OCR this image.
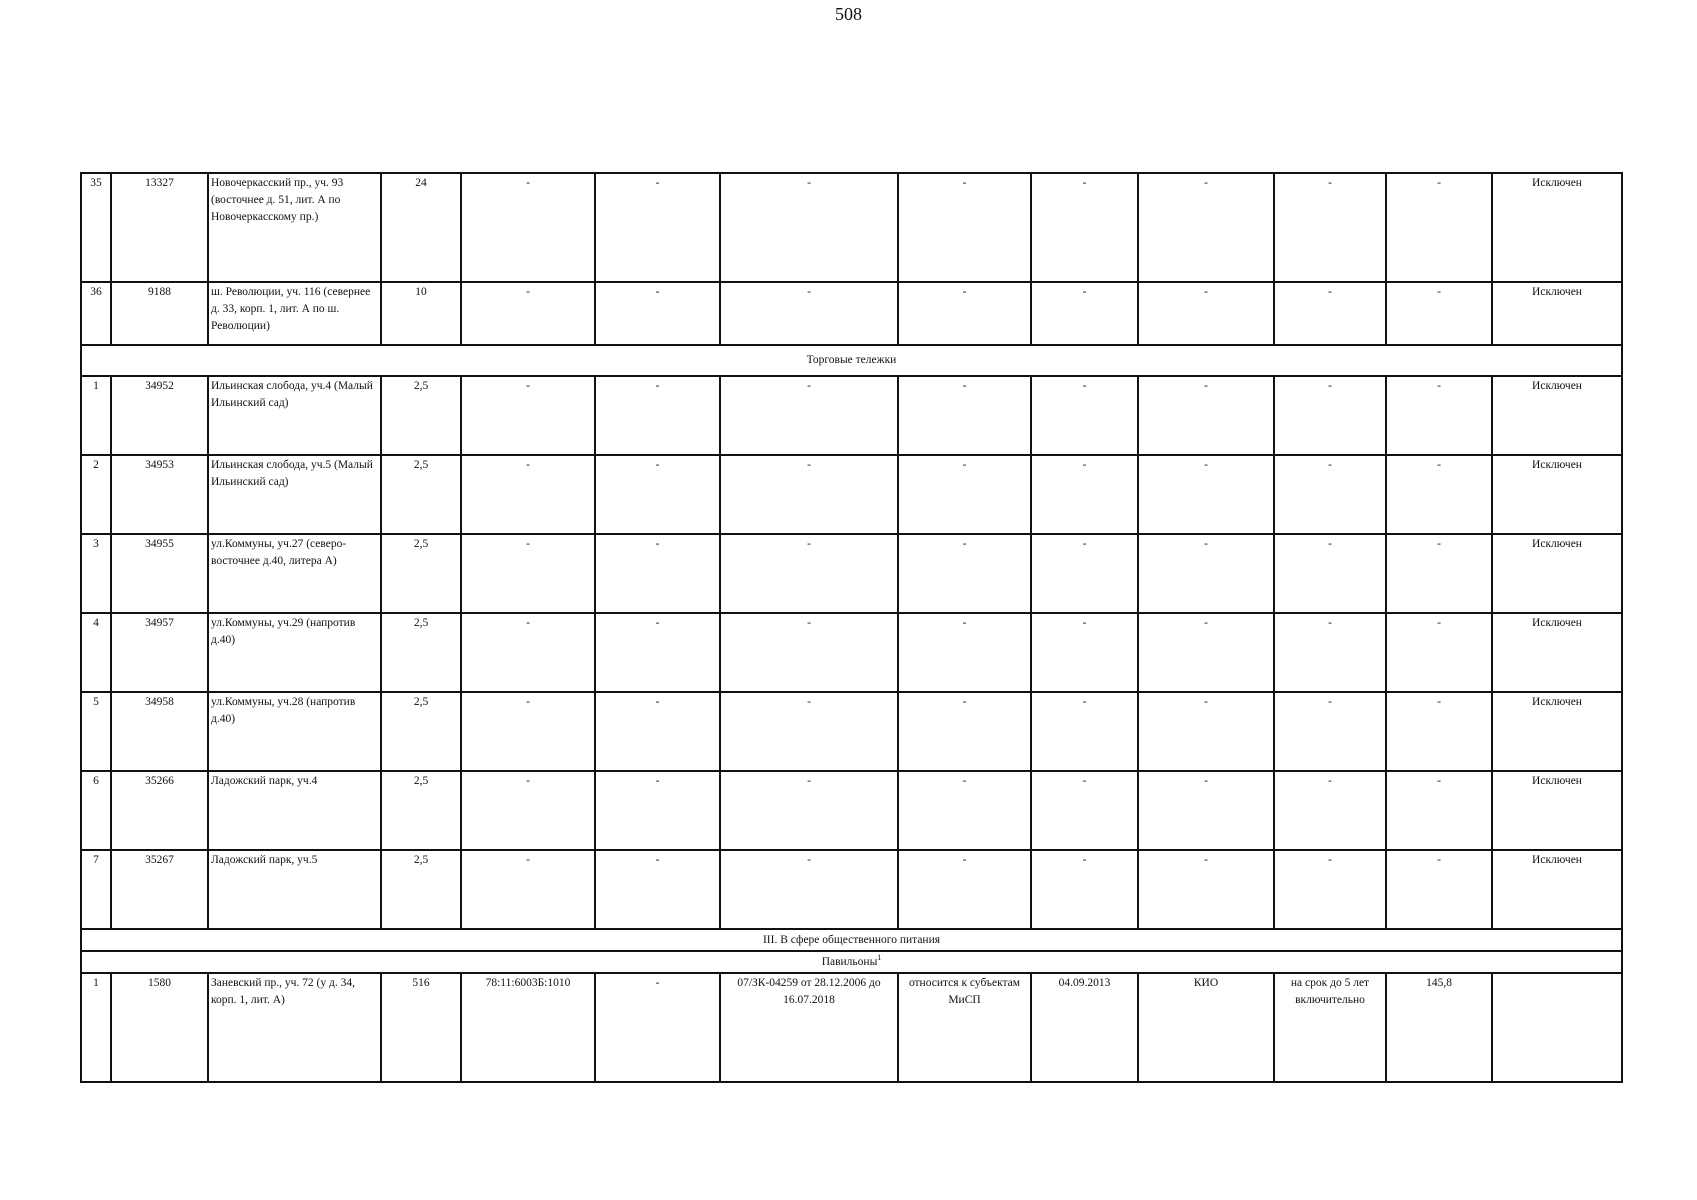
508
35	13327	Новочеркасский пр., уч. 93 (восточнее д. 51, лит. А по Новочеркасскому пр.)	24	-	-	-	-	-	-	-	-	Исключен
36	9188	ш. Революции, уч. 116 (севернее д. 33, корп. 1, лит. А по ш. Революции)	10	-	-	-	-	-	-	-	-	Исключен
Торговые тележки												
1	34952	Ильинская слобода, уч.4 (Малый Ильинский сад)	2,5	-	-	-	-	-	-	-	-	Исключен
2	34953	Ильинская слобода, уч.5 (Малый Ильинский сад)	2,5	-	-	-	-	-	-	-	-	Исключен
3	34955	ул.Коммуны, уч.27 (северо-восточнее д.40, литера А)	2,5	-	-	-	-	-	-	-	-	Исключен
4	34957	ул.Коммуны, уч.29 (напротив д.40)	2,5	-	-	-	-	-	-	-	-	Исключен
5	34958	ул.Коммуны, уч.28 (напротив д.40)	2,5	-	-	-	-	-	-	-	-	Исключен
6	35266	Ладожский парк, уч.4	2,5	-	-	-	-	-	-	-	-	Исключен
7	35267	Ладожский парк, уч.5	2,5	-	-	-	-	-	-	-	-	Исключен
III. В сфере общественного питания												
Павильоны$^1$
1	1580	Заневский пр., уч. 72 (у д. 34, корп. 1, лит. А)	516	78:11:6003Б:1010	-	07/ЗК-04259 от 28.12.2006 до 16.07.2018	относится к субъектам МиСП	04.09.2013	КИО	на срок до 5 лет включительно	145,8	
